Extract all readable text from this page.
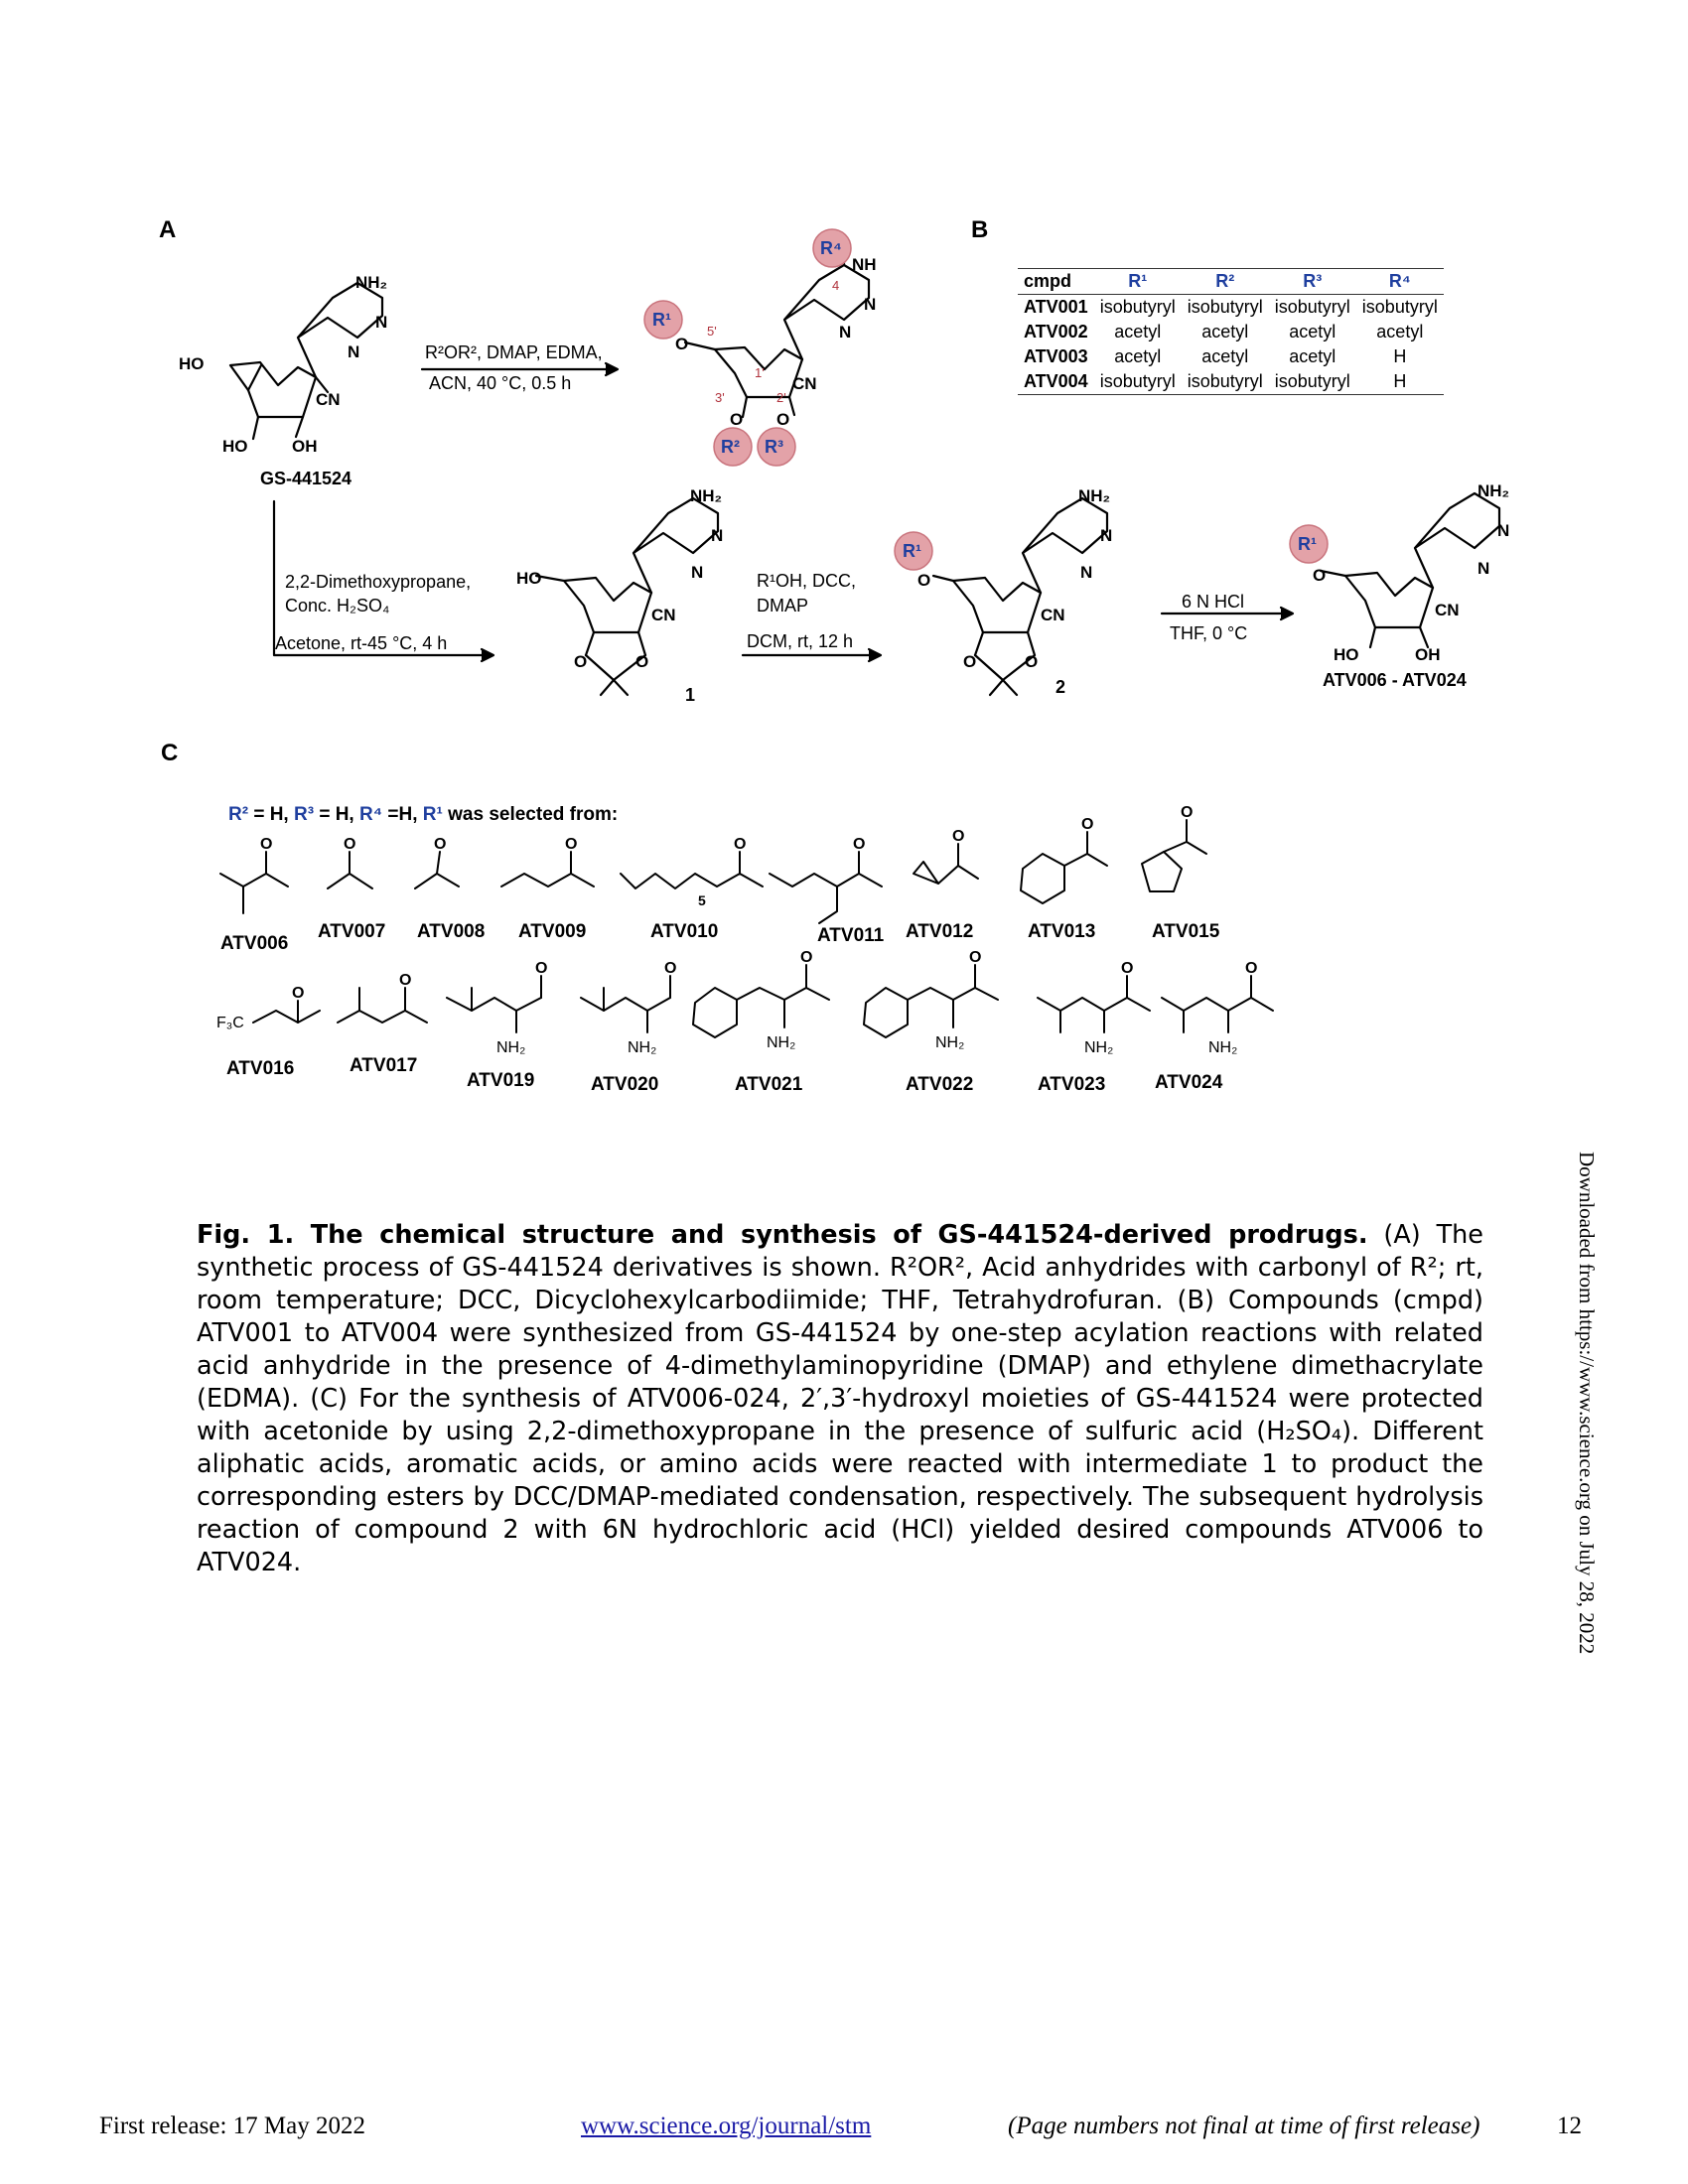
A	B
C
R¹
R⁴
R² R³
R¹	R¹
HO
NH₂
N
N
CN
HO	OH
NH
N
N
CN
O
O O
NH₂
HO
N
N
CN
O	O
NH₂
N
N
CN
O
O	O
NH₂
N
N
CN
O
HO	OH
5'
4
1'
2'
3'
GS-441524
R²OR², DMAP, EDMA,
ACN, 40 °C, 0.5 h
2,2-Dimethoxypropane,
Conc. H₂SO₄
Acetone, rt-45 °C, 4 h
R¹OH, DCC,
DMAP
DCM, rt, 12 h
6 N HCl
THF, 0 °C
1	2	ATV006 - ATV024
cmpd	R¹	R²	R³	R⁴
ATV001	isobutyryl	isobutyryl	isobutyryl	isobutyryl
ATV002	acetyl	acetyl	acetyl	acetyl
ATV003	acetyl	acetyl	acetyl	H
ATV004	isobutyryl	isobutyryl	isobutyryl	H
R² = H, R³ = H, R⁴ =H, R¹ was selected from:
O	O	O	O	O	O	O
O
O
5
F₃C
O
O
O	O
O	O
O	O
NH₂	NH₂	NH₂	NH₂	NH₂	NH₂
ATV006
ATV007 ATV008 ATV009	ATV010	ATV011 ATV012	ATV013	ATV015
ATV016	ATV017
ATV019	ATV020	ATV021	ATV022	ATV023	ATV024
Fig. 1. The chemical structure and synthesis of GS-441524-derived prodrugs. (A) The synthetic process of GS-441524 derivatives is shown. R²OR², Acid anhydrides with carbonyl of R²; rt, room temperature; DCC, Dicyclohexylcarbodiimide; THF, Tetrahydrofuran. (B) Compounds (cmpd) ATV001 to ATV004 were synthesized from GS-441524 by one-step acylation reactions with related acid anhydride in the presence of 4-dimethylaminopyridine (DMAP) and ethylene dimethacrylate (EDMA). (C) For the synthesis of ATV006-024, 2′,3′-hydroxyl moieties of GS-441524 were protected with acetonide by using 2,2-dimethoxypropane in the presence of sulfuric acid (H₂SO₄). Different aliphatic acids, aromatic acids, or amino acids were reacted with intermediate 1 to product the corresponding esters by DCC/DMAP-mediated condensation, respectively. The subsequent hydrolysis reaction of compound 2 with 6N hydrochloric acid (HCl) yielded desired compounds ATV006 to ATV024.	Downloaded from https://www.science.org on July 28, 2022
First release: 17 May 2022	www.science.org/journal/stm	(Page numbers not final at time of first release)	12
